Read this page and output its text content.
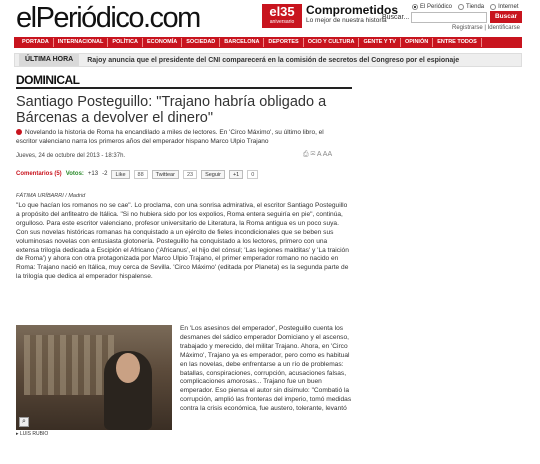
elPeriódico.com	el35
aniversario
Comprometidos
Lo mejor de nuestra historia
El Periódico Tienda Internet
Buscar...	Buscar
Registrarse | Identificarse
PORTADA	INTERNACIONAL	POLÍTICA	ECONOMÍA	SOCIEDAD	BARCELONA	DEPORTES	OCIO Y CULTURA	GENTE Y TV	OPINIÓN	ENTRE TODOS
ÚLTIMA HORA	Rajoy anuncia que el presidente del CNI comparecerá en la comisión de secretos del Congreso por el espionaje
DOMINICAL
Santiago Posteguillo: "Trajano habría obligado a Bárcenas a devolver el dinero"

Novelando la historia de Roma ha encandilado a miles de lectores. En 'Circo Máximo', su último libro, el escritor valenciano narra los primeros años del emperador hispano Marco Ulpio Trajano

Jueves, 24 de octubre del 2013 - 18:37h.	⎙ ✉ A AA
Comentarios (5) Votos: +13 -2	Like	88	Twittear	23	Seguir	+1	0
FÁTIMA URÍBARRI / Madrid

"Lo que hacían los romanos no se cae". Lo proclama, con una sonrisa admirativa, el escritor Santiago Posteguillo a propósito del anfiteatro de Itálica. "Si no hubiera sido por los expolios, Roma entera seguiría en pie", continúa, orgulloso. Para este escritor valenciano, profesor universitario de Literatura, la Roma antigua es un poco suya. Con sus novelas históricas romanas ha conquistado a un ejército de fieles incondicionales que se beben sus voluminosas novelas con entusiasta glotonería. Posteguillo ha conquistado a los lectores, primero con una extensa trilogía dedicada a Escipión el Africano ('Africanus', el hijo del cónsul; 'Las legiones malditas' y 'La traición de Roma') y ahora con otra protagonizada por Marco Ulpio Trajano, el primer emperador romano no nacido en Roma: Trajano nació en Itálica, muy cerca de Sevilla. 'Circo Máximo' (editada por Planeta) es la segunda parte de la trilogía que dedica al emperador hispalense.

⌕
▸ LUIS RUBIO

En 'Los asesinos del emperador', Posteguillo cuenta los desmanes del sádico emperador Domiciano y el ascenso, trabajado y merecido, del militar Trajano. Ahora, en 'Circo Máximo', Trajano ya es emperador, pero como es habitual en las novelas, debe enfrentarse a un río de problemas: batallas, conspiraciones, corrupción, acusaciones falsas, complicaciones amorosas... Trajano fue un buen emperador. Eso piensa el autor sin disimulo: "Combatió la corrupción, amplió las fronteras del imperio, tomó medidas contra la crisis económica, fue austero, tolerante, levantó
